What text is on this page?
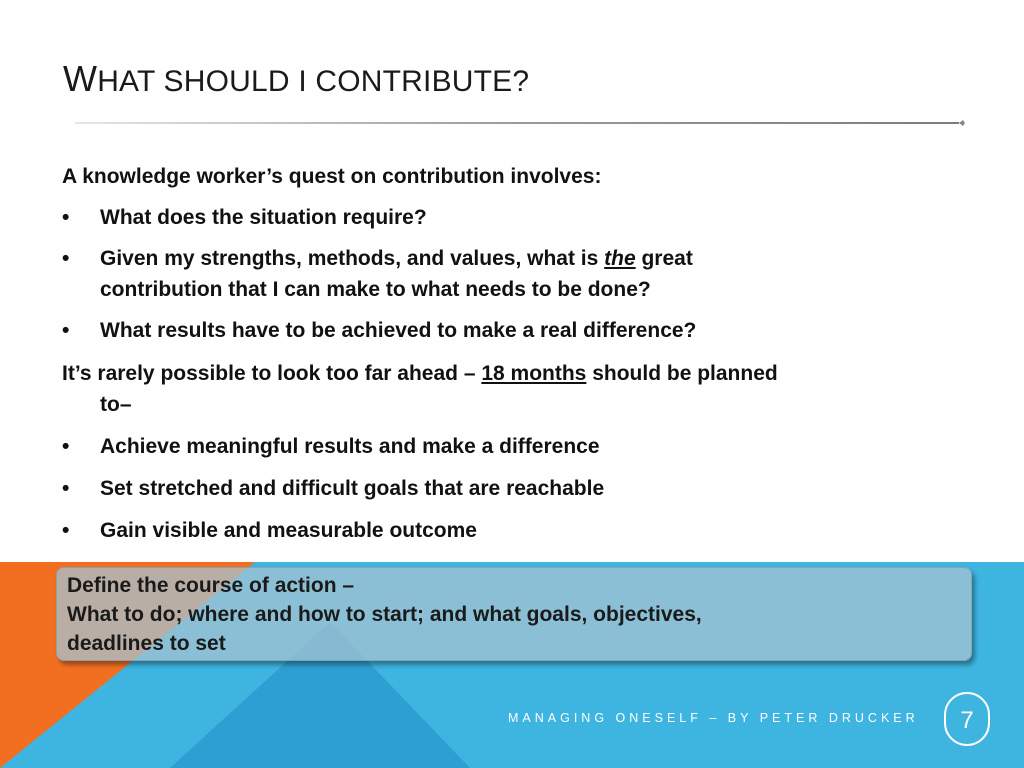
WHAT SHOULD I CONTRIBUTE?
A knowledge worker’s quest on contribution involves:
• What does the situation require?
• Given my strengths, methods, and values, what is the great
contribution that I can make to what needs to be done?
• What results have to be achieved to make a real difference?
It’s rarely possible to look too far ahead – 18 months should be planned
to–
• Achieve meaningful results and make a difference
• Set stretched and difficult goals that are reachable
• Gain visible and measurable outcome
Define the course of action –
What to do; where and how to start; and what goals, objectives,
deadlines to set
MANAGING ONESELF – BY PETER DRUCKER	7
